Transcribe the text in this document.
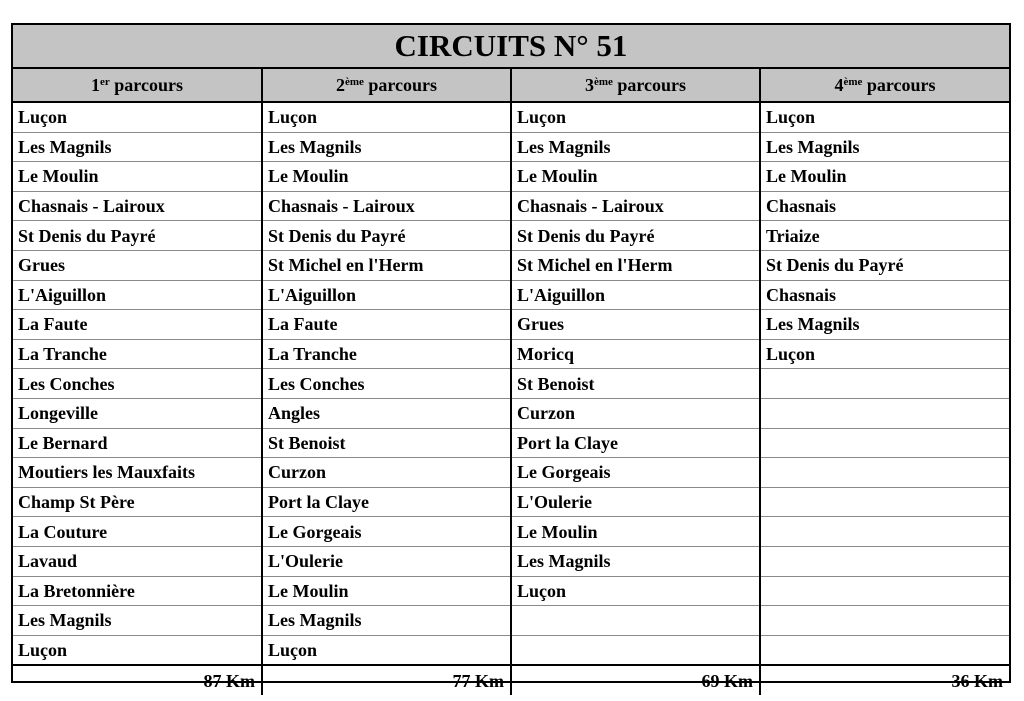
CIRCUITS N° 51
1er parcours	2ème parcours	3ème parcours	4ème parcours
Luçon	Luçon	Luçon	Luçon
Les Magnils	Les Magnils	Les Magnils	Les Magnils
Le Moulin	Le Moulin	Le Moulin	Le Moulin
Chasnais - Lairoux	Chasnais - Lairoux	Chasnais - Lairoux	Chasnais
St Denis du Payré	St Denis du Payré	St Denis du Payré	Triaize
Grues	St Michel en l'Herm	St Michel en l'Herm	St Denis du Payré
L'Aiguillon	L'Aiguillon	L'Aiguillon	Chasnais
La Faute	La Faute	Grues	Les Magnils
La Tranche	La Tranche	Moricq	Luçon
Les Conches	Les Conches	St Benoist	
Longeville	Angles	Curzon	
Le Bernard	St Benoist	Port la Claye	
Moutiers les Mauxfaits	Curzon	Le Gorgeais	
Champ St Père	Port la Claye	L'Oulerie	
La Couture	Le Gorgeais	Le Moulin	
Lavaud	L'Oulerie	Les Magnils	
La Bretonnière	Le Moulin	Luçon	
Les Magnils	Les Magnils		
Luçon	Luçon		
87 Km	77 Km	69 Km	36 Km
